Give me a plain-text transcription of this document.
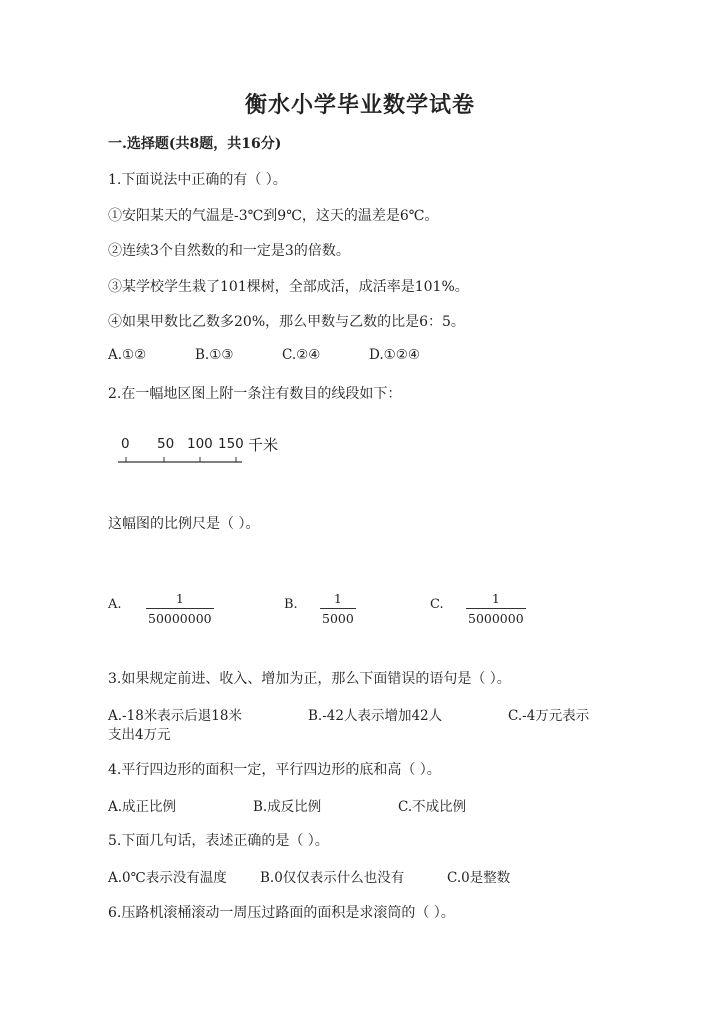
衡水小学毕业数学试卷
一.选择题(共8题，共16分)
1.下面说法中正确的有（ ）。
①安阳某天的气温是-3℃到9℃，这天的温差是6℃。
②连续3个自然数的和一定是3的倍数。
③某学校学生栽了101棵树，全部成活，成活率是101%。
④如果甲数比乙数多20%，那么甲数与乙数的比是6：5。
A.①②	B.①③	C.②④	D.①②④
2.在一幅地区图上附一条注有数目的线段如下：
0 50 100 150 千米
这幅图的比例尺是（ ）。
A.	1
50000000
B.	1
5000
C.	1
5000000
3.如果规定前进、收入、增加为正，那么下面错误的语句是（ ）。
A.-18米表示后退18米	B.-42人表示增加42人	C.-4万元表示
支出4万元
4.平行四边形的面积一定，平行四边形的底和高（ ）。
A.成正比例	B.成反比例	C.不成比例
5.下面几句话，表述正确的是（ ）。
A.0℃表示没有温度 B.0仅仅表示什么也没有	C.0是整数
6.压路机滚桶滚动一周压过路面的面积是求滚筒的（ ）。
